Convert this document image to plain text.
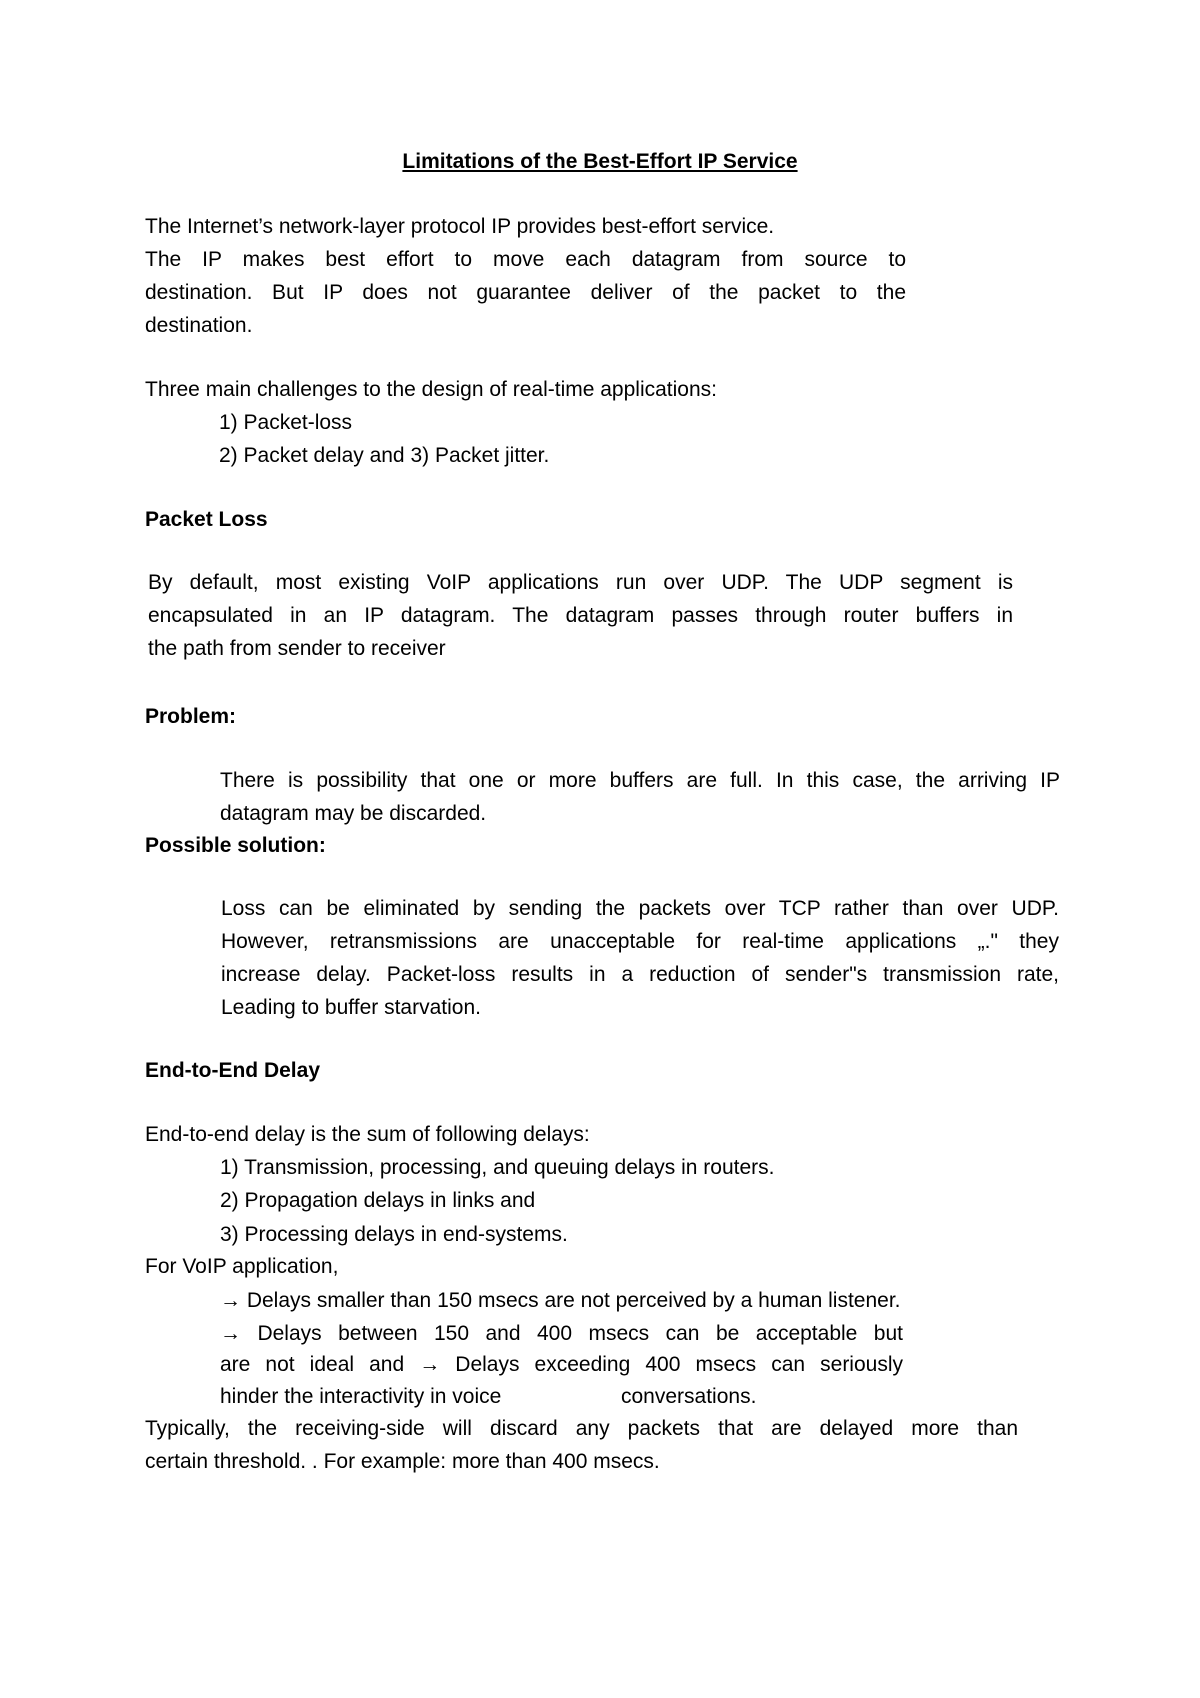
Limitations of the Best-Effort IP Service
The Internet’s network-layer protocol IP provides best-effort service.
The IP makes best effort to move each datagram from source to
destination. But IP does not guarantee deliver of the packet to the
destination.
Three main challenges to the design of real-time applications:
1) Packet-loss
2) Packet delay and 3) Packet jitter.
Packet Loss
By default, most existing VoIP applications run over UDP. The UDP segment is
encapsulated in an IP datagram. The datagram passes through router buffers in
the path from sender to receiver
Problem:
There is possibility that one or more buffers are full. In this case, the arriving IP
datagram may be discarded.
Possible solution:
Loss can be eliminated by sending the packets over TCP rather than over UDP.
However, retransmissions are unacceptable for real-time applications „." they
increase delay. Packet-loss results in a reduction of sender"s transmission rate,
Leading to buffer starvation.
End-to-End Delay
End-to-end delay is the sum of following delays:
1) Transmission, processing, and queuing delays in routers.
2) Propagation delays in links and
3) Processing delays in end-systems.
For VoIP application,
→ Delays smaller than 150 msecs are not perceived by a human listener.
→ Delays between 150 and 400 msecs can be acceptable but
are not ideal and → Delays exceeding 400 msecs can seriously
hinder the interactivity in voice	conversations.
Typically, the receiving-side will discard any packets that are delayed more than
certain threshold. . For example: more than 400 msecs.
